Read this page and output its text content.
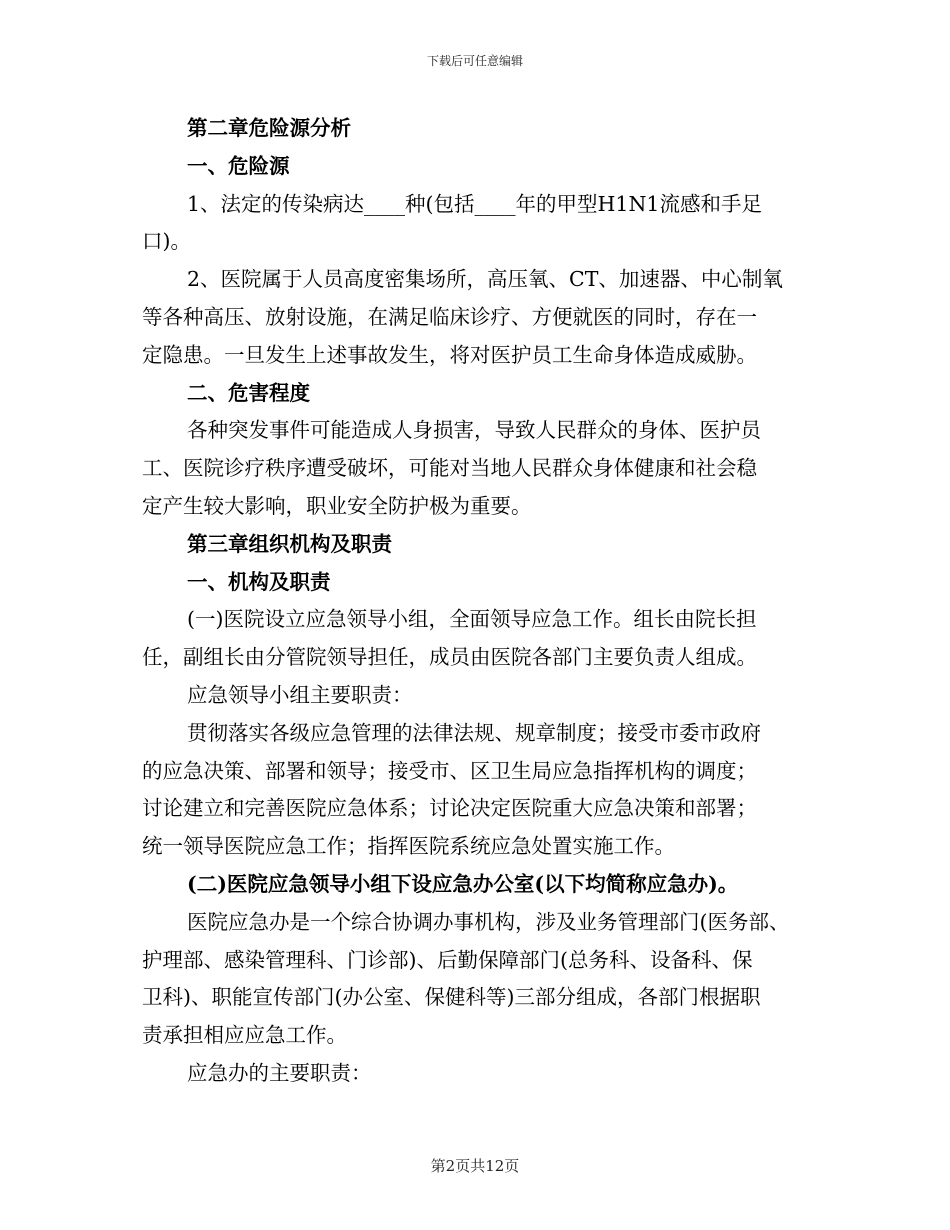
下载后可任意编辑
第二章危险源分析
一、危险源
1、法定的传染病达____种(包括____年的甲型H1N1流感和手足
口)。
2、医院属于人员高度密集场所，高压氧、CT、加速器、中心制氧
等各种高压、放射设施，在满足临床诊疗、方便就医的同时，存在一
定隐患。一旦发生上述事故发生，将对医护员工生命身体造成威胁。
二、危害程度
各种突发事件可能造成人身损害，导致人民群众的身体、医护员
工、医院诊疗秩序遭受破坏，可能对当地人民群众身体健康和社会稳
定产生较大影响，职业安全防护极为重要。
第三章组织机构及职责
一、机构及职责
(一)医院设立应急领导小组，全面领导应急工作。组长由院长担
任，副组长由分管院领导担任，成员由医院各部门主要负责人组成。
应急领导小组主要职责：
贯彻落实各级应急管理的法律法规、规章制度；接受市委市政府
的应急决策、部署和领导；接受市、区卫生局应急指挥机构的调度；
讨论建立和完善医院应急体系；讨论决定医院重大应急决策和部署；
统一领导医院应急工作；指挥医院系统应急处置实施工作。
(二)医院应急领导小组下设应急办公室(以下均简称应急办)。
医院应急办是一个综合协调办事机构，涉及业务管理部门(医务部、
护理部、感染管理科、门诊部)、后勤保障部门(总务科、设备科、保
卫科)、职能宣传部门(办公室、保健科等)三部分组成，各部门根据职
责承担相应应急工作。
应急办的主要职责：
第2页共12页
